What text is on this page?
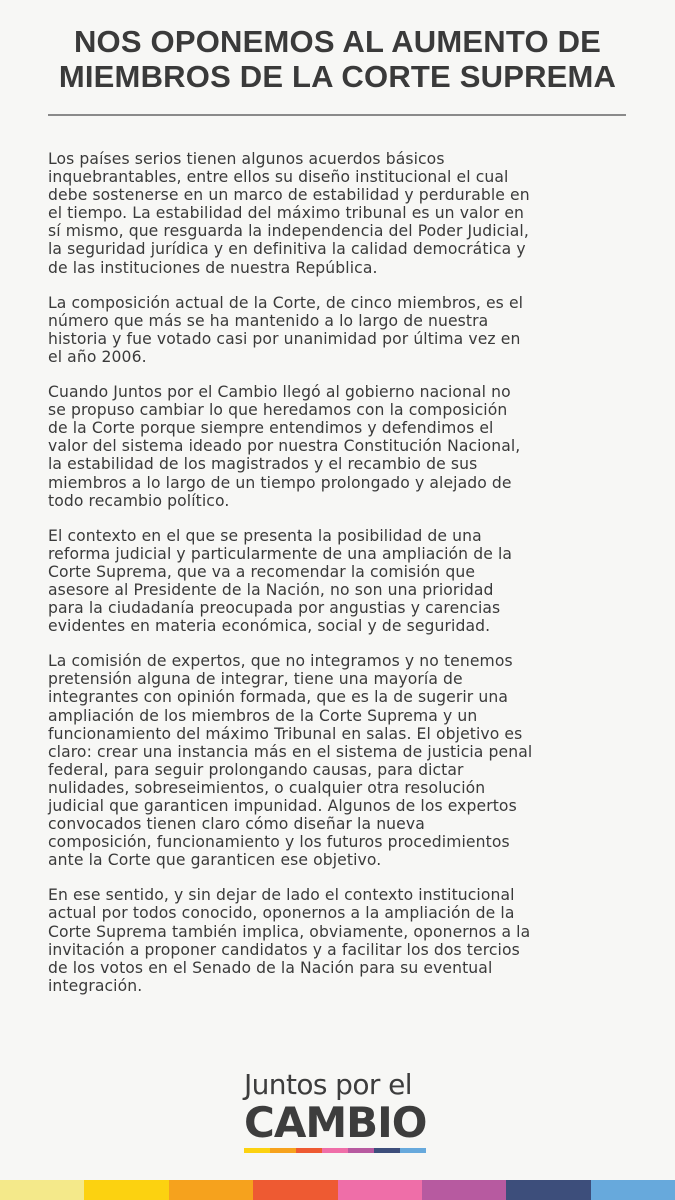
NOS OPONEMOS AL AUMENTO DE
MIEMBROS DE LA CORTE SUPREMA

Los países serios tienen algunos acuerdos básicos
inquebrantables, entre ellos su diseño institucional el cual
debe sostenerse en un marco de estabilidad y perdurable en
el tiempo. La estabilidad del máximo tribunal es un valor en
sí mismo, que resguarda la independencia del Poder Judicial,
la seguridad jurídica y en definitiva la calidad democrática y
de las instituciones de nuestra República.

La composición actual de la Corte, de cinco miembros, es el
número que más se ha mantenido a lo largo de nuestra
historia y fue votado casi por unanimidad por última vez en
el año 2006.

Cuando Juntos por el Cambio llegó al gobierno nacional no
se propuso cambiar lo que heredamos con la composición
de la Corte porque siempre entendimos y defendimos el
valor del sistema ideado por nuestra Constitución Nacional,
la estabilidad de los magistrados y el recambio de sus
miembros a lo largo de un tiempo prolongado y alejado de
todo recambio político.

El contexto en el que se presenta la posibilidad de una
reforma judicial y particularmente de una ampliación de la
Corte Suprema, que va a recomendar la comisión que
asesore al Presidente de la Nación, no son una prioridad
para la ciudadanía preocupada por angustias y carencias
evidentes en materia económica, social y de seguridad.

La comisión de expertos, que no integramos y no tenemos
pretensión alguna de integrar, tiene una mayoría de
integrantes con opinión formada, que es la de sugerir una
ampliación de los miembros de la Corte Suprema y un
funcionamiento del máximo Tribunal en salas. El objetivo es
claro: crear una instancia más en el sistema de justicia penal
federal, para seguir prolongando causas, para dictar
nulidades, sobreseimientos, o cualquier otra resolución
judicial que garanticen impunidad. Algunos de los expertos
convocados tienen claro cómo diseñar la nueva
composición, funcionamiento y los futuros procedimientos
ante la Corte que garanticen ese objetivo.

En ese sentido, y sin dejar de lado el contexto institucional
actual por todos conocido, oponernos a la ampliación de la
Corte Suprema también implica, obviamente, oponernos a la
invitación a proponer candidatos y a facilitar los dos tercios
de los votos en el Senado de la Nación para su eventual
integración.

Juntos por el
CAMBIO
